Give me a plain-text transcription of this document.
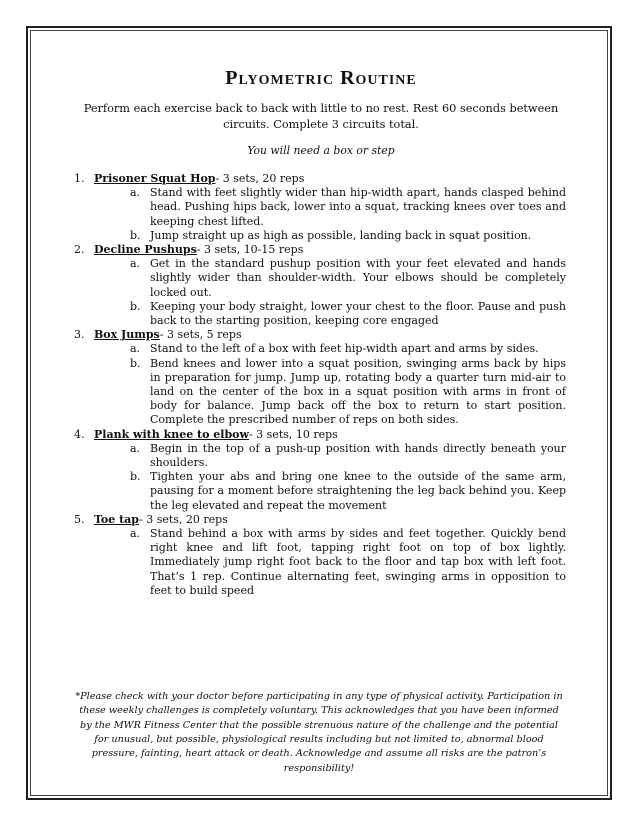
Plyometric Routine

Perform each exercise back to back with little to no rest. Rest 60 seconds between circuits. Complete 3 circuits total.

You will need a box or step

1. Prisoner Squat Hop- 3 sets, 20 reps
a. Stand with feet slightly wider than hip-width apart, hands clasped behind head. Pushing hips back, lower into a squat, tracking knees over toes and keeping chest lifted.
b. Jump straight up as high as possible, landing back in squat position.
2. Decline Pushups- 3 sets, 10-15 reps
a. Get in the standard pushup position with your feet elevated and hands slightly wider than shoulder-width. Your elbows should be completely locked out.
b. Keeping your body straight, lower your chest to the floor. Pause and push back to the starting position, keeping core engaged
3. Box Jumps- 3 sets, 5 reps
a. Stand to the left of a box with feet hip-width apart and arms by sides.
b. Bend knees and lower into a squat position, swinging arms back by hips in preparation for jump. Jump up, rotating body a quarter turn mid-air to land on the center of the box in a squat position with arms in front of body for balance. Jump back off the box to return to start position. Complete the prescribed number of reps on both sides.
4. Plank with knee to elbow- 3 sets, 10 reps
a. Begin in the top of a push-up position with hands directly beneath your shoulders.
b. Tighten your abs and bring one knee to the outside of the same arm, pausing for a moment before straightening the leg back behind you. Keep the leg elevated and repeat the movement
5. Toe tap- 3 sets, 20 reps
a. Stand behind a box with arms by sides and feet together. Quickly bend right knee and lift foot, tapping right foot on top of box lightly. Immediately jump right foot back to the floor and tap box with left foot. That’s 1 rep. Continue alternating feet, swinging arms in opposition to feet to build speed

*Please check with your doctor before participating in any type of physical activity. Participation in these weekly challenges is completely voluntary. This acknowledges that you have been informed by the MWR Fitness Center that the possible strenuous nature of the challenge and the potential for unusual, but possible, physiological results including but not limited to, abnormal blood pressure, fainting, heart attack or death. Acknowledge and assume all risks are the patron’s responsibility!
